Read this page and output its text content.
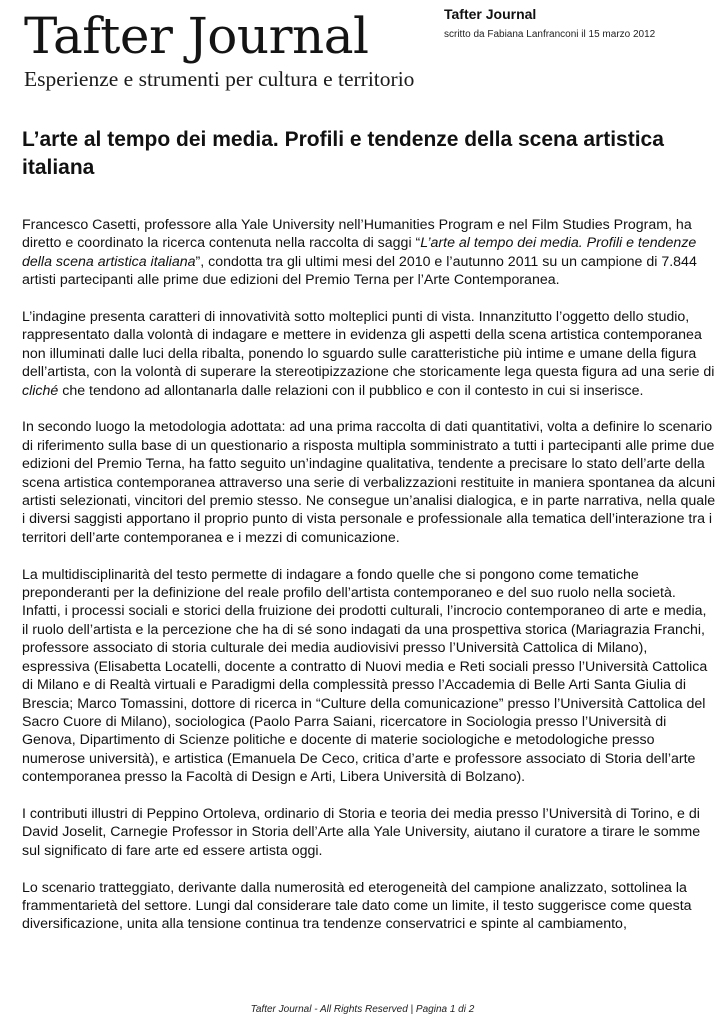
Tafter Journal
Esperienze e strumenti per cultura e territorio
Tafter Journal
scritto da Fabiana Lanfranconi il 15 marzo 2012
L’arte al tempo dei media. Profili e tendenze della scena artistica italiana

Francesco Casetti, professore alla Yale University nell’Humanities Program e nel Film Studies Program, ha diretto e coordinato la ricerca contenuta nella raccolta di saggi “L’arte al tempo dei media. Profili e tendenze della scena artistica italiana”, condotta tra gli ultimi mesi del 2010 e l’autunno 2011 su un campione di 7.844 artisti partecipanti alle prime due edizioni del Premio Terna per l’Arte Contemporanea.

L’indagine presenta caratteri di innovatività sotto molteplici punti di vista. Innanzitutto l’oggetto dello studio, rappresentato dalla volontà di indagare e mettere in evidenza gli aspetti della scena artistica contemporanea non illuminati dalle luci della ribalta, ponendo lo sguardo sulle caratteristiche più intime e umane della figura dell’artista, con la volontà di superare la stereotipizzazione che storicamente lega questa figura ad una serie di cliché che tendono ad allontanarla dalle relazioni con il pubblico e con il contesto in cui si inserisce.

In secondo luogo la metodologia adottata: ad una prima raccolta di dati quantitativi, volta a definire lo scenario di riferimento sulla base di un questionario a risposta multipla somministrato a tutti i partecipanti alle prime due edizioni del Premio Terna, ha fatto seguito un’indagine qualitativa, tendente a precisare lo stato dell’arte della scena artistica contemporanea attraverso una serie di verbalizzazioni restituite in maniera spontanea da alcuni artisti selezionati, vincitori del premio stesso. Ne consegue un’analisi dialogica, e in parte narrativa, nella quale i diversi saggisti apportano il proprio punto di vista personale e professionale alla tematica dell’interazione tra i territori dell’arte contemporanea e i mezzi di comunicazione.

La multidisciplinarità del testo permette di indagare a fondo quelle che si pongono come tematiche preponderanti per la definizione del reale profilo dell’artista contemporaneo e del suo ruolo nella società. Infatti, i processi sociali e storici della fruizione dei prodotti culturali, l’incrocio contemporaneo di arte e media, il ruolo dell’artista e la percezione che ha di sé sono indagati da una prospettiva storica (Mariagrazia Franchi, professore associato di storia culturale dei media audiovisivi presso l’Università Cattolica di Milano), espressiva (Elisabetta Locatelli, docente a contratto di Nuovi media e Reti sociali presso l’Università Cattolica di Milano e di Realtà virtuali e Paradigmi della complessità presso l’Accademia di Belle Arti Santa Giulia di Brescia; Marco Tomassini, dottore di ricerca in “Culture della comunicazione” presso l’Università Cattolica del Sacro Cuore di Milano), sociologica (Paolo Parra Saiani, ricercatore in Sociologia presso l’Università di Genova, Dipartimento di Scienze politiche e docente di materie sociologiche e metodologiche presso numerose università), e artistica (Emanuela De Ceco, critica d’arte e professore associato di Storia dell’arte contemporanea presso la Facoltà di Design e Arti, Libera Università di Bolzano).

I contributi illustri di Peppino Ortoleva, ordinario di Storia e teoria dei media presso l’Università di Torino, e di David Joselit, Carnegie Professor in Storia dell’Arte alla Yale University, aiutano il curatore a tirare le somme sul significato di fare arte ed essere artista oggi.

Lo scenario tratteggiato, derivante dalla numerosità ed eterogeneità del campione analizzato, sottolinea la frammentarietà del settore. Lungi dal considerare tale dato come un limite, il testo suggerisce come questa diversificazione, unita alla tensione continua tra tendenze conservatrici e spinte al cambiamento,

Tafter Journal - All Rights Reserved | Pagina 1 di 2
